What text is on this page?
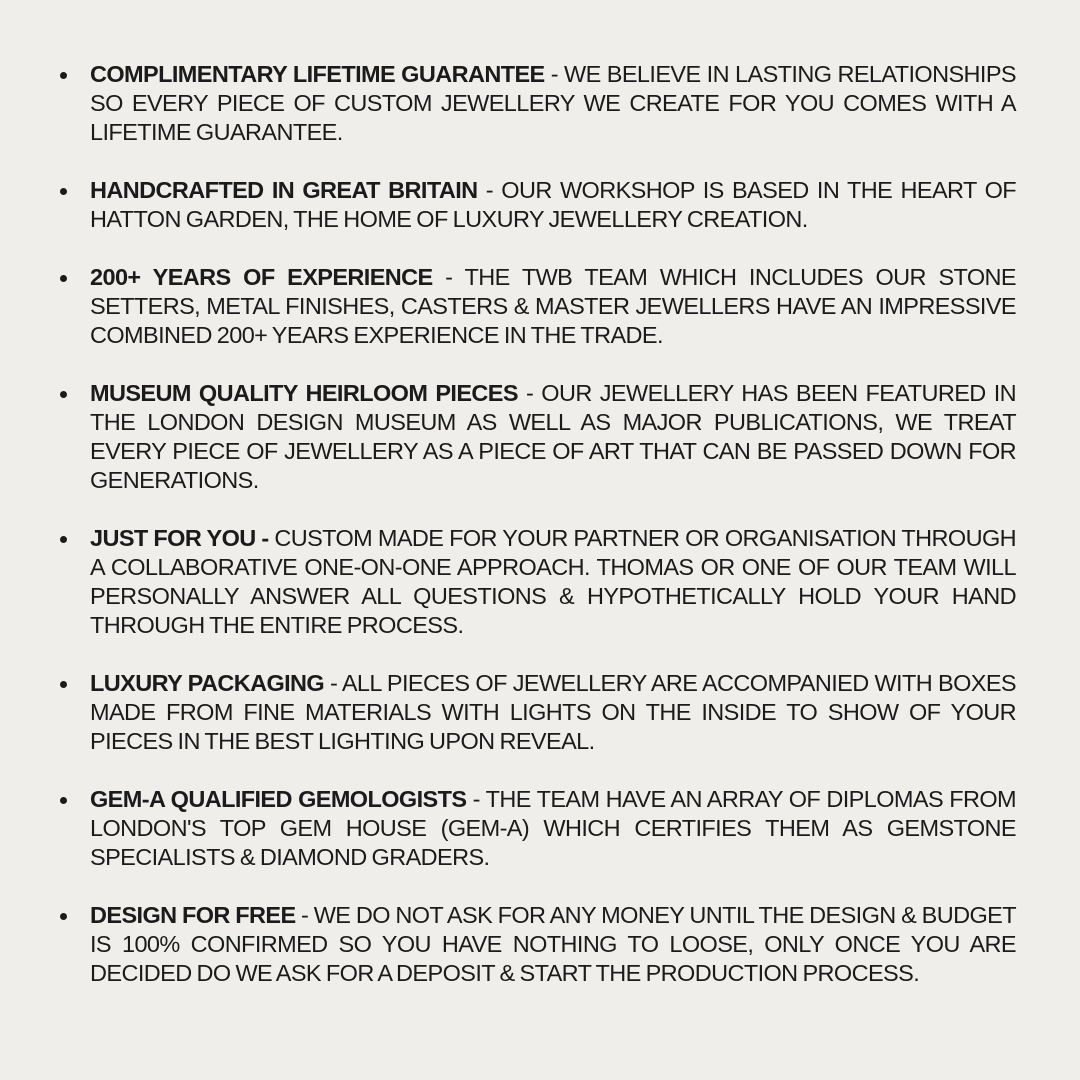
COMPLIMENTARY LIFETIME GUARANTEE - WE BELIEVE IN LASTING RELATIONSHIPS SO EVERY PIECE OF CUSTOM JEWELLERY WE CREATE FOR YOU COMES WITH A LIFETIME GUARANTEE.
HANDCRAFTED IN GREAT BRITAIN - OUR WORKSHOP IS BASED IN THE HEART OF HATTON GARDEN, THE HOME OF LUXURY JEWELLERY CREATION.
200+ YEARS OF EXPERIENCE - THE TWB TEAM WHICH INCLUDES OUR STONE SETTERS, METAL FINISHES, CASTERS & MASTER JEWELLERS HAVE AN IMPRESSIVE COMBINED 200+ YEARS EXPERIENCE IN THE TRADE.
MUSEUM QUALITY HEIRLOOM PIECES - OUR JEWELLERY HAS BEEN FEATURED IN THE LONDON DESIGN MUSEUM AS WELL AS MAJOR PUBLICATIONS, WE TREAT EVERY PIECE OF JEWELLERY AS A PIECE OF ART THAT CAN BE PASSED DOWN FOR GENERATIONS.
JUST FOR YOU - CUSTOM MADE FOR YOUR PARTNER OR ORGANISATION THROUGH A COLLABORATIVE ONE-ON-ONE APPROACH. THOMAS OR ONE OF OUR TEAM WILL PERSONALLY ANSWER ALL QUESTIONS & HYPOTHETICALLY HOLD YOUR HAND THROUGH THE ENTIRE PROCESS.
LUXURY PACKAGING - ALL PIECES OF JEWELLERY ARE ACCOMPANIED WITH BOXES MADE FROM FINE MATERIALS WITH LIGHTS ON THE INSIDE TO SHOW OF YOUR PIECES IN THE BEST LIGHTING UPON REVEAL.
GEM-A QUALIFIED GEMOLOGISTS - THE TEAM HAVE AN ARRAY OF DIPLOMAS FROM LONDON'S TOP GEM HOUSE (GEM-A) WHICH CERTIFIES THEM AS GEMSTONE SPECIALISTS & DIAMOND GRADERS.
DESIGN FOR FREE - WE DO NOT ASK FOR ANY MONEY UNTIL THE DESIGN & BUDGET IS 100% CONFIRMED SO YOU HAVE NOTHING TO LOOSE, ONLY ONCE YOU ARE DECIDED DO WE ASK FOR A DEPOSIT & START THE PRODUCTION PROCESS.
